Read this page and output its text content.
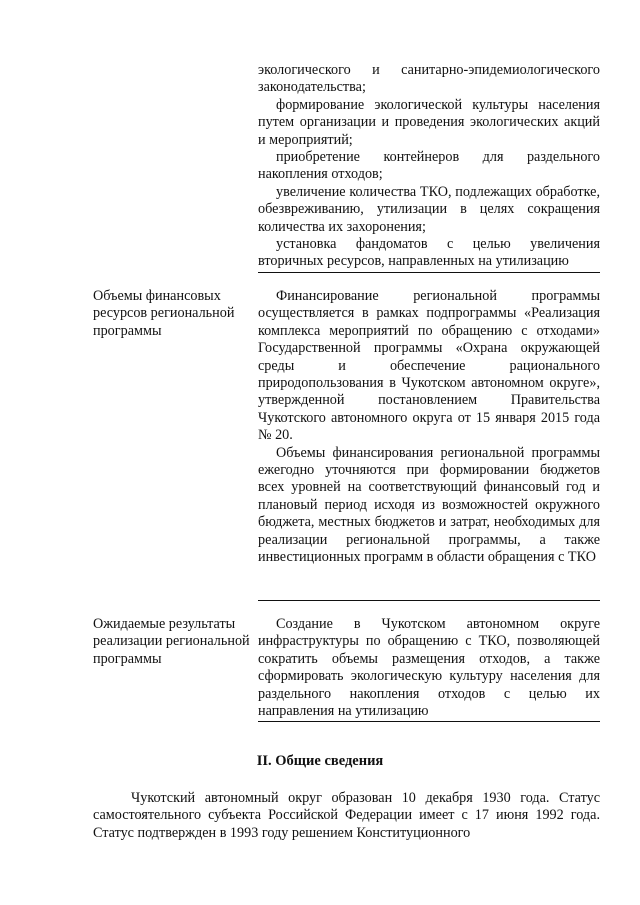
экологического и санитарно-эпидемиологического законодательства;

формирование экологической культуры населения путем организации и проведения экологических акций и мероприятий;

приобретение контейнеров для раздельного накопления отходов;

увеличение количества ТКО, подлежащих обработке, обезвреживанию, утилизации в целях сокращения количества их захоронения;

установка фандоматов с целью увеличения вторичных ресурсов, направленных на утилизацию

Объемы финансовых ресурсов региональной программы

Финансирование региональной программы осуществляется в рамках подпрограммы «Реализация комплекса мероприятий по обращению с отходами» Государственной программы «Охрана окружающей среды и обеспечение рационального природопользования в Чукотском автономном округе», утвержденной постановлением Правительства Чукотского автономного округа от 15 января 2015 года № 20.

Объемы финансирования региональной программы ежегодно уточняются при формировании бюджетов всех уровней на соответствующий финансовый год и плановый период исходя из возможностей окружного бюджета, местных бюджетов и затрат, необходимых для реализации региональной программы, а также инвестиционных программ в области обращения с ТКО

Ожидаемые результаты реализации региональной программы

Создание в Чукотском автономном округе инфраструктуры по обращению с ТКО, позволяющей сократить объемы размещения отходов, а также сформировать экологическую культуру населения для раздельного накопления отходов с целью их направления на утилизацию

II. Общие сведения

Чукотский автономный округ образован 10 декабря 1930 года. Статус самостоятельного субъекта Российской Федерации имеет с 17 июня 1992 года. Статус подтвержден в 1993 году решением Конституционного
